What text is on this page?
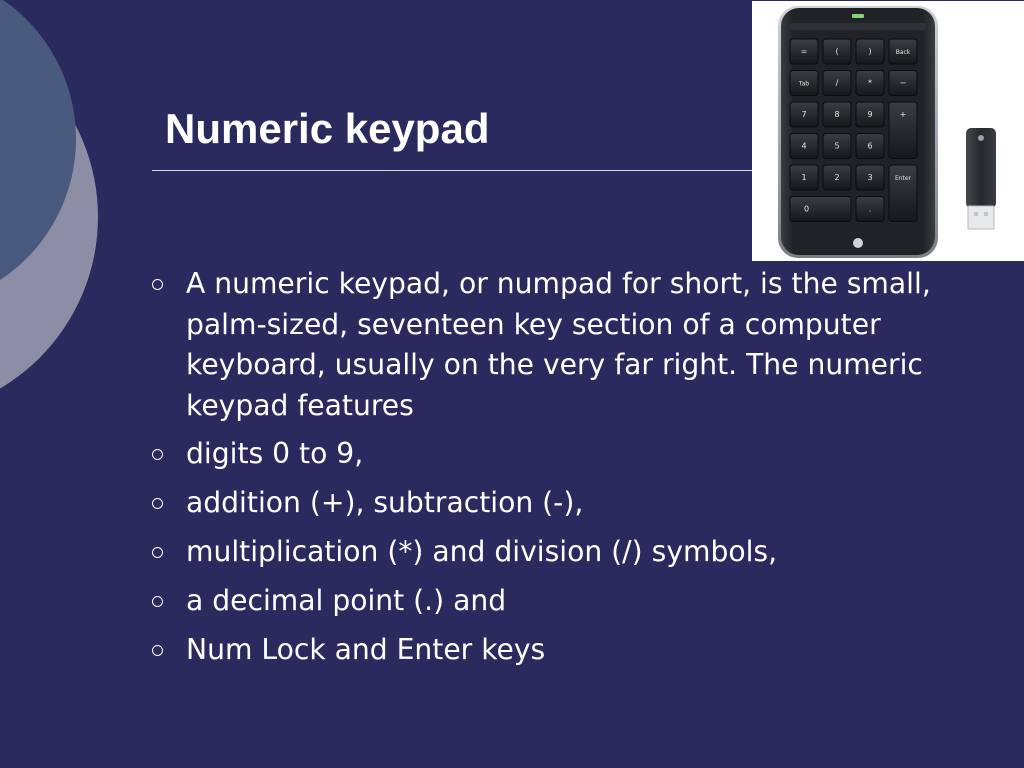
Numeric keypad
=	(	)	Back
Tab	/	*	−
7	8	9	+
4	5	6
1	2	3	Enter
0	.
A numeric keypad, or numpad for short, is the small, palm-sized, seventeen key section of a computer keyboard, usually on the very far right. The numeric keypad features
digits 0 to 9,
addition (+), subtraction (-),
multiplication (*) and division (/) symbols,
a decimal point (.) and
Num Lock and Enter keys
